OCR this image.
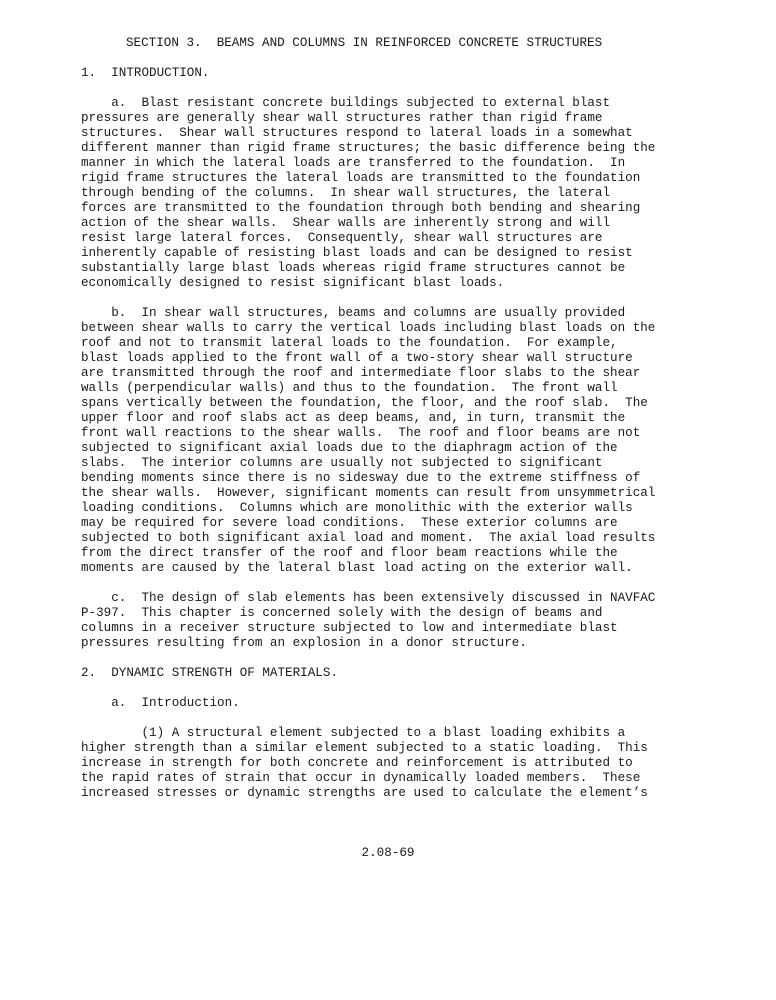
SECTION 3.  BEAMS AND COLUMNS IN REINFORCED CONCRETE STRUCTURES
1.  INTRODUCTION.
a.  Blast resistant concrete buildings subjected to external blast
pressures are generally shear wall structures rather than rigid frame
structures.  Shear wall structures respond to lateral loads in a somewhat
different manner than rigid frame structures; the basic difference being the
manner in which the lateral loads are transferred to the foundation.  In
rigid frame structures the lateral loads are transmitted to the foundation
through bending of the columns.  In shear wall structures, the lateral
forces are transmitted to the foundation through both bending and shearing
action of the shear walls.  Shear walls are inherently strong and will
resist large lateral forces.  Consequently, shear wall structures are
inherently capable of resisting blast loads and can be designed to resist
substantially large blast loads whereas rigid frame structures cannot be
economically designed to resist significant blast loads.
b.  In shear wall structures, beams and columns are usually provided
between shear walls to carry the vertical loads including blast loads on the
roof and not to transmit lateral loads to the foundation.  For example,
blast loads applied to the front wall of a two-story shear wall structure
are transmitted through the roof and intermediate floor slabs to the shear
walls (perpendicular walls) and thus to the foundation.  The front wall
spans vertically between the foundation, the floor, and the roof slab.  The
upper floor and roof slabs act as deep beams, and, in turn, transmit the
front wall reactions to the shear walls.  The roof and floor beams are not
subjected to significant axial loads due to the diaphragm action of the
slabs.  The interior columns are usually not subjected to significant
bending moments since there is no sidesway due to the extreme stiffness of
the shear walls.  However, significant moments can result from unsymmetrical
loading conditions.  Columns which are monolithic with the exterior walls
may be required for severe load conditions.  These exterior columns are
subjected to both significant axial load and moment.  The axial load results
from the direct transfer of the roof and floor beam reactions while the
moments are caused by the lateral blast load acting on the exterior wall.
c.  The design of slab elements has been extensively discussed in NAVFAC
P-397.  This chapter is concerned solely with the design of beams and
columns in a receiver structure subjected to low and intermediate blast
pressures resulting from an explosion in a donor structure.
2.  DYNAMIC STRENGTH OF MATERIALS.
a.  Introduction.
(1) A structural element subjected to a blast loading exhibits a
higher strength than a similar element subjected to a static loading.  This
increase in strength for both concrete and reinforcement is attributed to
the rapid rates of strain that occur in dynamically loaded members.  These
increased stresses or dynamic strengths are used to calculate the element’s
2.08-69
